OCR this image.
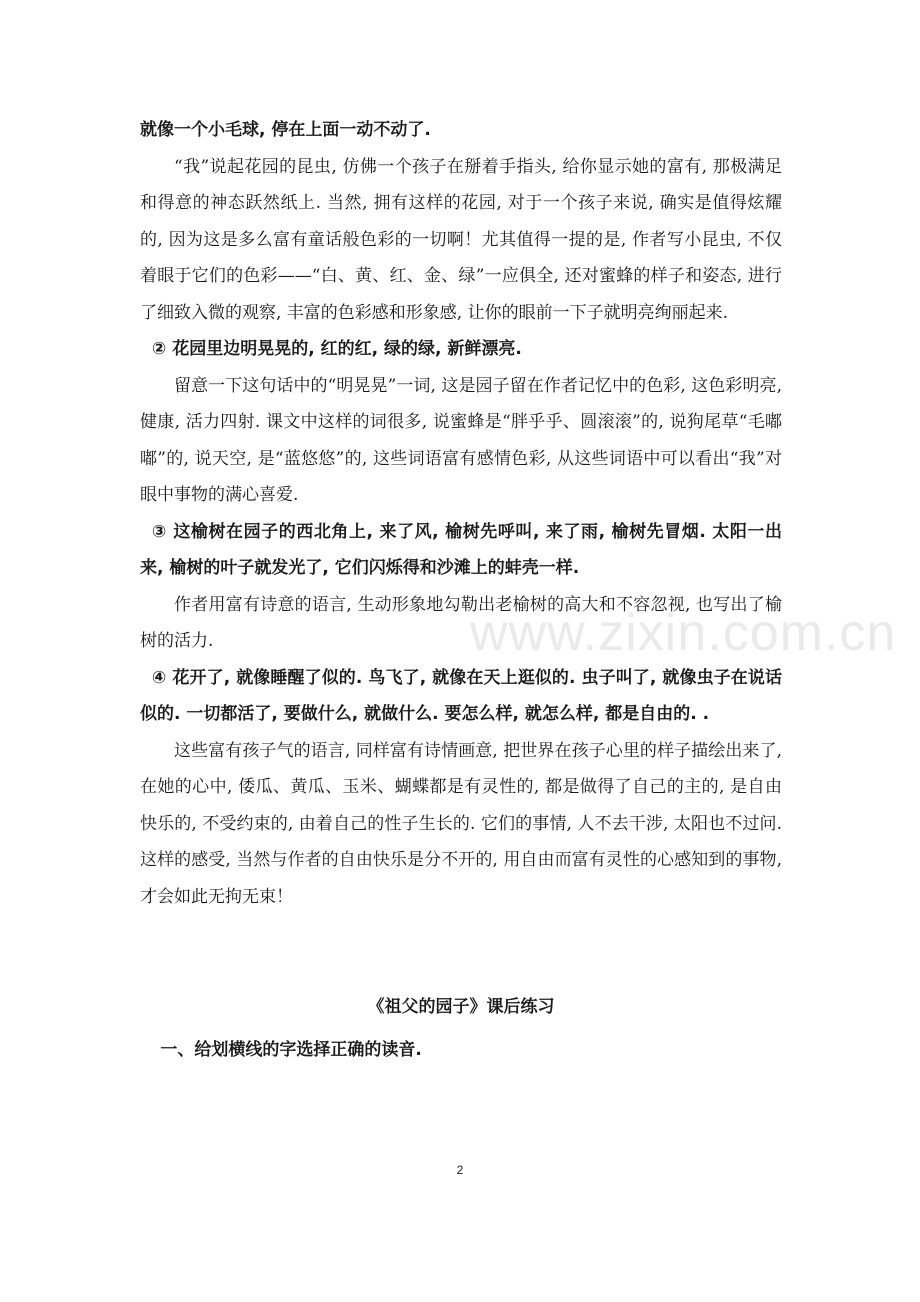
www.zixin.com.cn

就像一个小毛球, 停在上面一动不动了.

“我”说起花园的昆虫, 仿佛一个孩子在掰着手指头, 给你显示她的富有, 那极满足和得意的神态跃然纸上. 当然, 拥有这样的花园, 对于一个孩子来说, 确实是值得炫耀的, 因为这是多么富有童话般色彩的一切啊！尤其值得一提的是, 作者写小昆虫, 不仅着眼于它们的色彩——“白、黄、红、金、绿”一应俱全, 还对蜜蜂的样子和姿态, 进行了细致入微的观察, 丰富的色彩感和形象感, 让你的眼前一下子就明亮绚丽起来.

② 花园里边明晃晃的, 红的红, 绿的绿, 新鲜漂亮.

留意一下这句话中的“明晃晃”一词, 这是园子留在作者记忆中的色彩, 这色彩明亮, 健康, 活力四射. 课文中这样的词很多, 说蜜蜂是“胖乎乎、圆滚滚”的, 说狗尾草“毛嘟嘟”的, 说天空, 是“蓝悠悠”的, 这些词语富有感情色彩, 从这些词语中可以看出“我”对眼中事物的满心喜爱.

③ 这榆树在园子的西北角上, 来了风, 榆树先呼叫, 来了雨, 榆树先冒烟. 太阳一出来, 榆树的叶子就发光了, 它们闪烁得和沙滩上的蚌壳一样.

作者用富有诗意的语言, 生动形象地勾勒出老榆树的高大和不容忽视, 也写出了榆树的活力.

④ 花开了, 就像睡醒了似的. 鸟飞了, 就像在天上逛似的. 虫子叫了, 就像虫子在说话似的. 一切都活了, 要做什么, 就做什么. 要怎么样, 就怎么样, 都是自由的. .

这些富有孩子气的语言, 同样富有诗情画意, 把世界在孩子心里的样子描绘出来了, 在她的心中, 倭瓜、黄瓜、玉米、蝴蝶都是有灵性的, 都是做得了自己的主的, 是自由快乐的, 不受约束的, 由着自己的性子生长的. 它们的事情, 人不去干涉, 太阳也不过问. 这样的感受, 当然与作者的自由快乐是分不开的, 用自由而富有灵性的心感知到的事物, 才会如此无拘无束！

《祖父的园子》课后练习
一、给划横线的字选择正确的读音.
2
